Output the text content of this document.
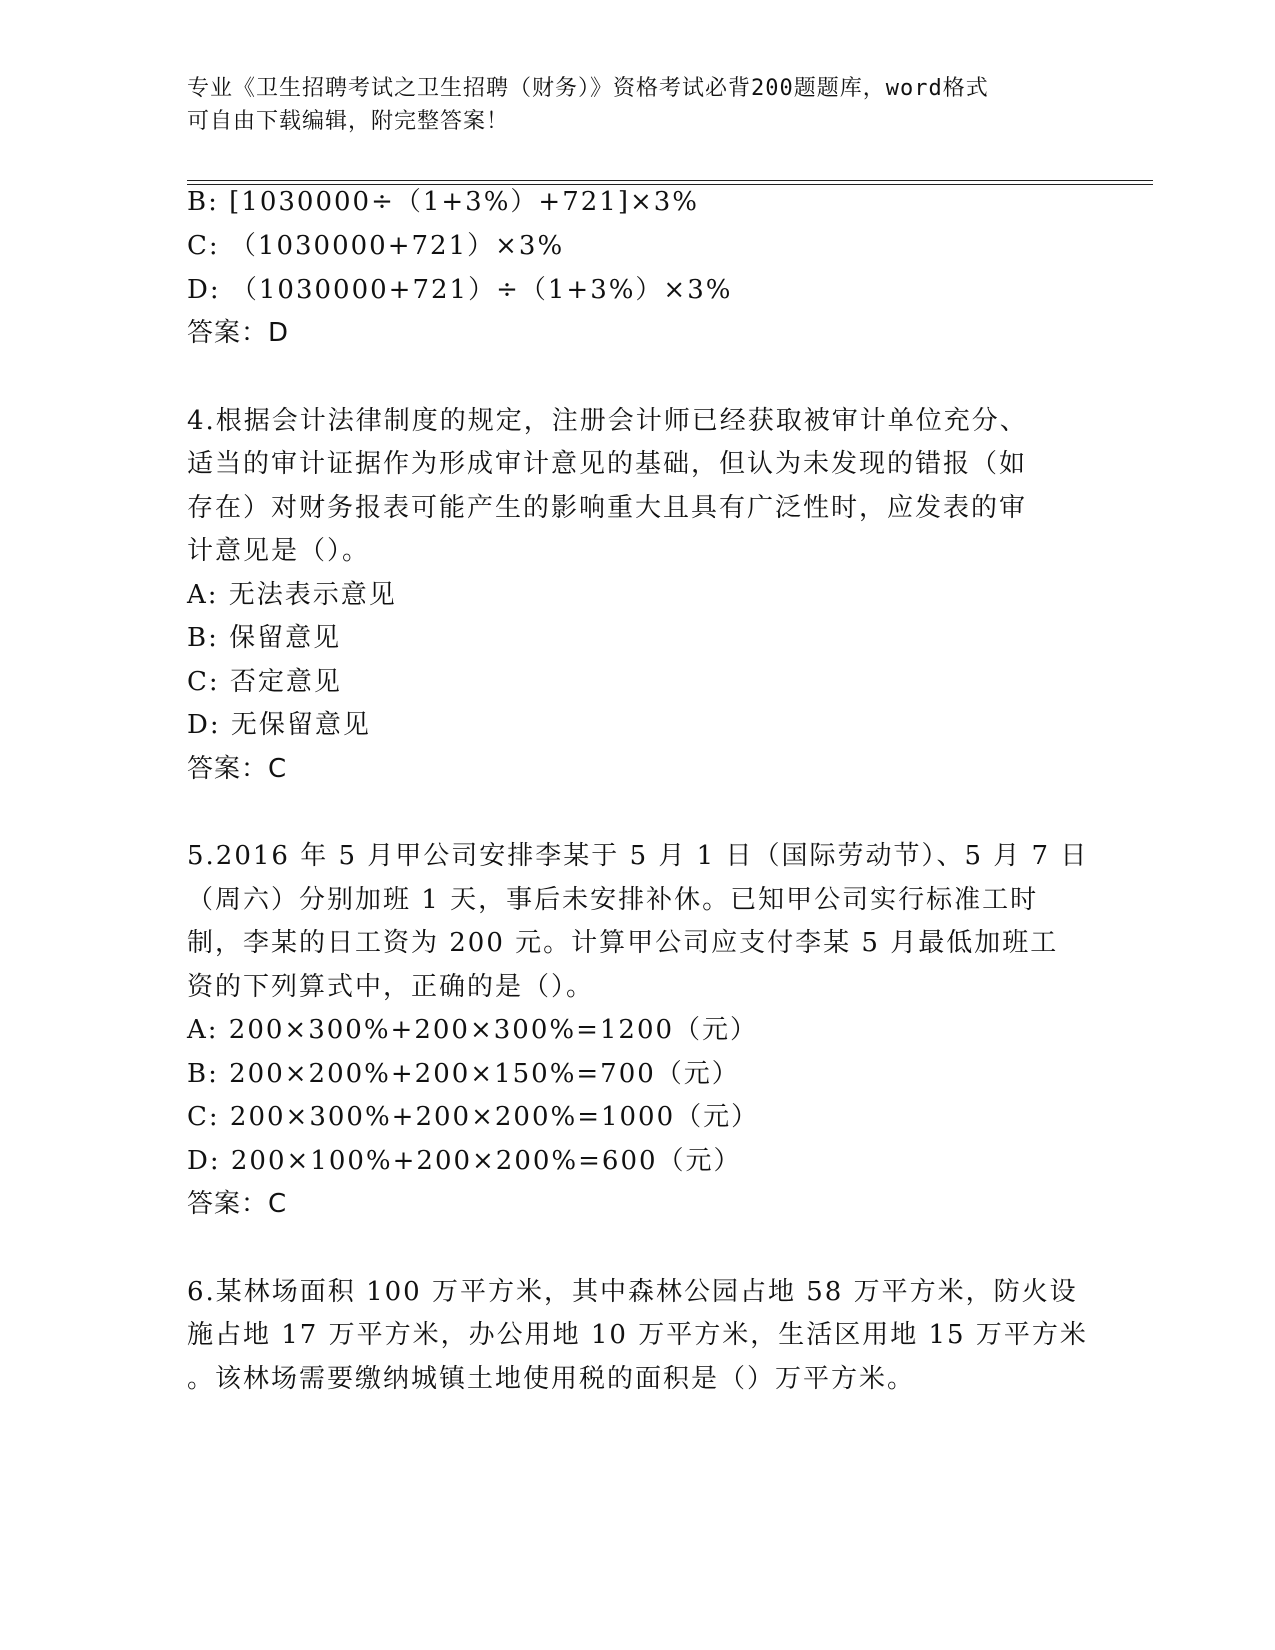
专业《卫生招聘考试之卫生招聘（财务）》资格考试必背200题题库，word格式
可自由下载编辑，附完整答案！
B: [1030000÷（1+3%）+721]×3%
C: （1030000+721）×3%
D: （1030000+721）÷（1+3%）×3%
答案：D
4.根据会计法律制度的规定，注册会计师已经获取被审计单位充分、
适当的审计证据作为形成审计意见的基础，但认为未发现的错报（如
存在）对财务报表可能产生的影响重大且具有广泛性时，应发表的审
计意见是（）。
A: 无法表示意见
B: 保留意见
C: 否定意见
D: 无保留意见
答案：C
5.2016 年 5 月甲公司安排李某于 5 月 1 日（国际劳动节）、5 月 7 日
（周六）分别加班 1 天，事后未安排补休。已知甲公司实行标准工时
制，李某的日工资为 200 元。计算甲公司应支付李某 5 月最低加班工
资的下列算式中，正确的是（）。
A: 200×300%+200×300%=1200（元）
B: 200×200%+200×150%=700（元）
C: 200×300%+200×200%=1000（元）
D: 200×100%+200×200%=600（元）
答案：C
6.某林场面积 100 万平方米，其中森林公园占地 58 万平方米，防火设
施占地 17 万平方米，办公用地 10 万平方米，生活区用地 15 万平方米
。该林场需要缴纳城镇土地使用税的面积是（）万平方米。
